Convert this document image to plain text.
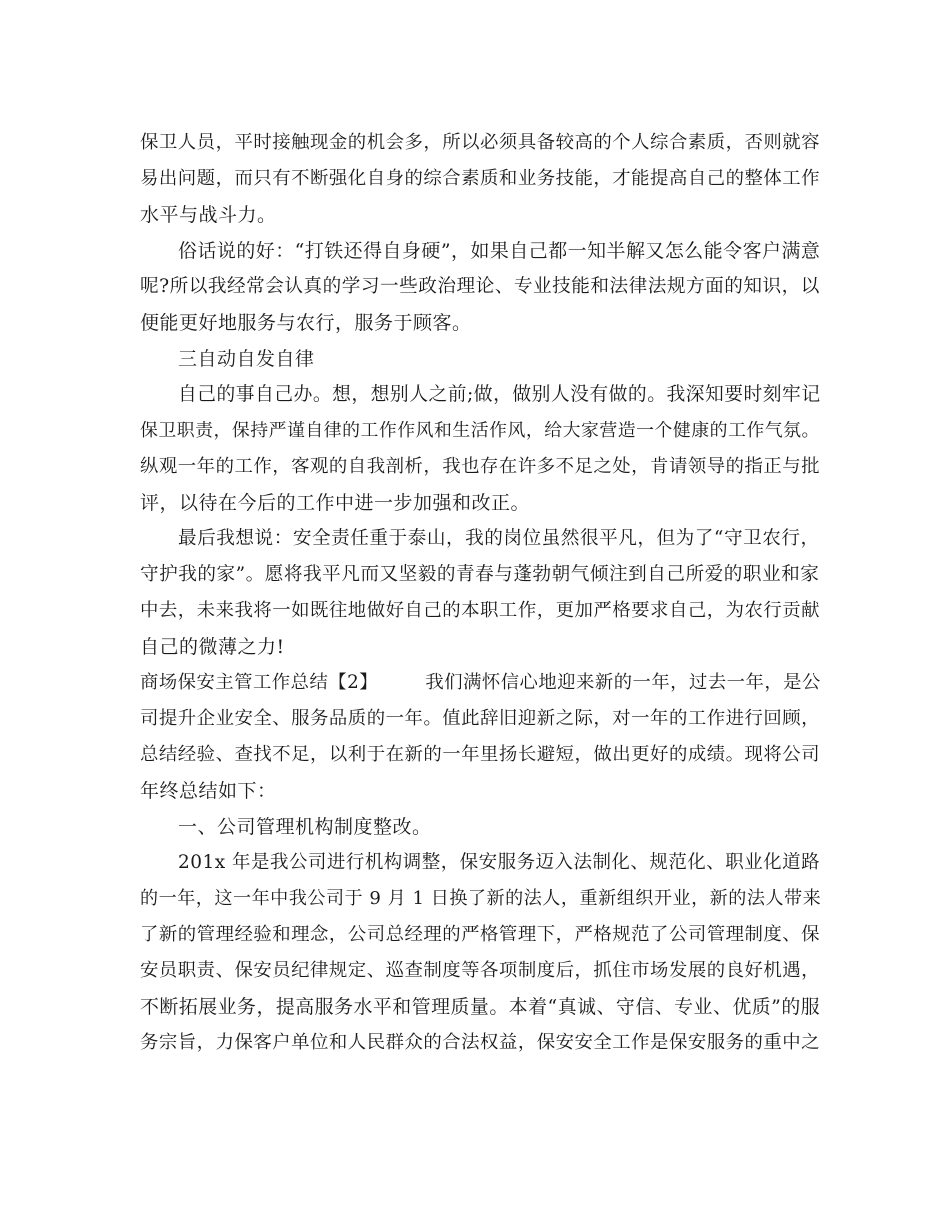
保卫人员，平时接触现金的机会多，所以必须具备较高的个人综合素质，否则就容
易出问题，而只有不断强化自身的综合素质和业务技能，才能提高自己的整体工作
水平与战斗力。
俗话说的好：“打铁还得自身硬”，如果自己都一知半解又怎么能令客户满意
呢?所以我经常会认真的学习一些政治理论、专业技能和法律法规方面的知识，以
便能更好地服务与农行，服务于顾客。
三自动自发自律
自己的事自己办。想，想别人之前;做，做别人没有做的。我深知要时刻牢记
保卫职责，保持严谨自律的工作作风和生活作风，给大家营造一个健康的工作气氛。
纵观一年的工作，客观的自我剖析，我也存在许多不足之处，肯请领导的指正与批
评，以待在今后的工作中进一步加强和改正。
最后我想说：安全责任重于泰山，我的岗位虽然很平凡，但为了“守卫农行，
守护我的家”。愿将我平凡而又坚毅的青春与蓬勃朝气倾注到自己所爱的职业和家
中去，未来我将一如既往地做好自己的本职工作，更加严格要求自己，为农行贡献
自己的微薄之力!
商场保安主管工作总结【2】　　　我们满怀信心地迎来新的一年，过去一年，是公
司提升企业安全、服务品质的一年。值此辞旧迎新之际，对一年的工作进行回顾，
总结经验、查找不足，以利于在新的一年里扬长避短，做出更好的成绩。现将公司
年终总结如下：
一、公司管理机构制度整改。
201x 年是我公司进行机构调整，保安服务迈入法制化、规范化、职业化道路
的一年，这一年中我公司于 9 月 1 日换了新的法人，重新组织开业，新的法人带来
了新的管理经验和理念，公司总经理的严格管理下，严格规范了公司管理制度、保
安员职责、保安员纪律规定、巡查制度等各项制度后，抓住市场发展的良好机遇，
不断拓展业务，提高服务水平和管理质量。本着“真诚、守信、专业、优质”的服
务宗旨，力保客户单位和人民群众的合法权益，保安安全工作是保安服务的重中之
